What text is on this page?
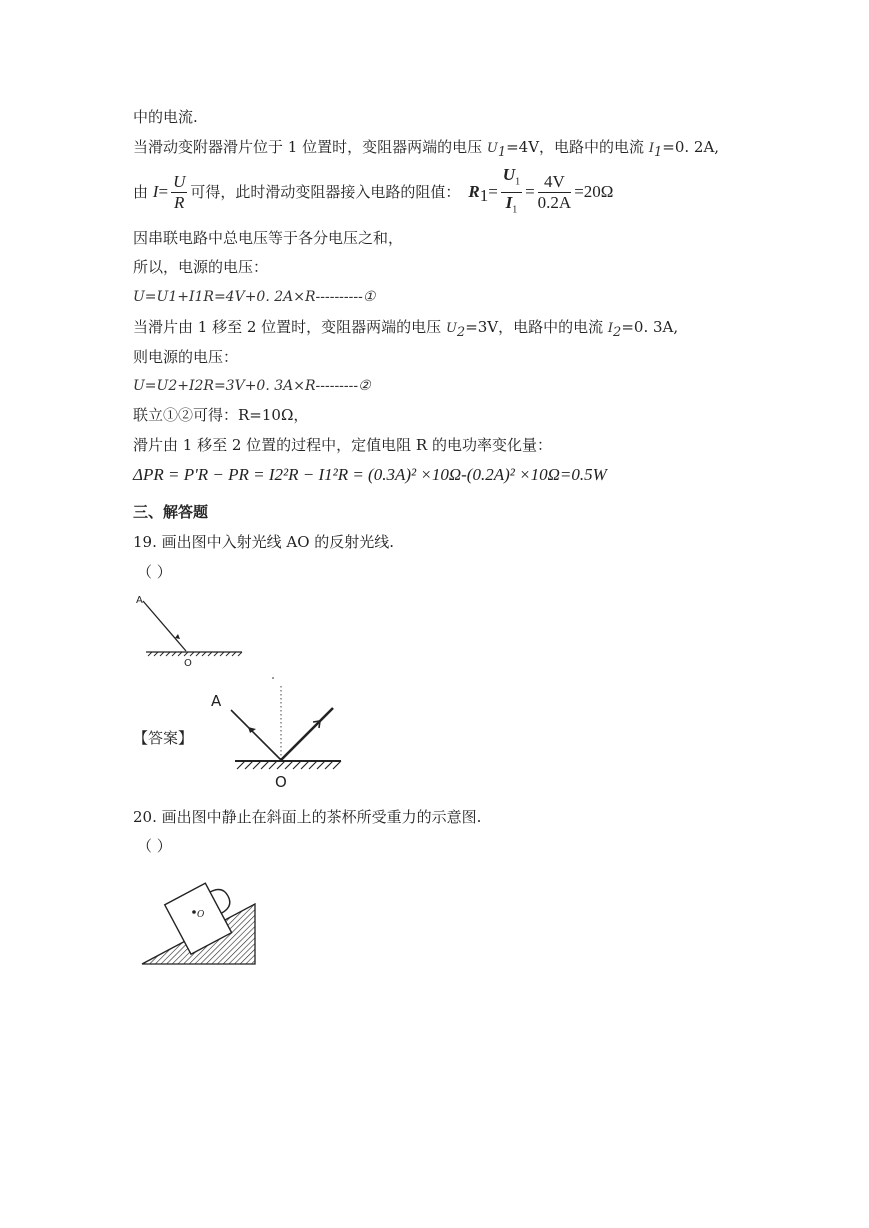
中的电流.
当滑动变附器滑片位于 1 位置时，变阻器两端的电压 $U_1=4V$，电路中的电流 $I_1=0$. 2A,
由 $I= \frac{U}{R}$ 可得，此时滑动变阻器接入电路的阻值： $R_1= \frac{U_1}{I_1} = \frac{4V}{0.2A} =20\Omega$
因串联电路中总电压等于各分电压之和，
所以，电源的电压：
U=U1+I1R=4V+0. 2A×R----------①
当滑片由 1 移至 2 位置时，变阻器两端的电压 $U_2=3V$，电路中的电流 $I_2=0$. 3A,
则电源的电压：
U=U2+I2R=3V+0. 3A×R---------②
联立①②可得：R=10Ω，
滑片由 1 移至 2 位置的过程中，定值电阻 R 的电功率变化量：
ΔPR = P'R − PR = I2²R − I1²R = (0.3A)² ×10Ω-(0.2A)² ×10Ω=0.5W
三、解答题
19. 画出图中入射光线 AO 的反射光线.
（ ）
A
O
【答案】
A
O
20. 画出图中静止在斜面上的茶杯所受重力的示意图.
（ ）
O
